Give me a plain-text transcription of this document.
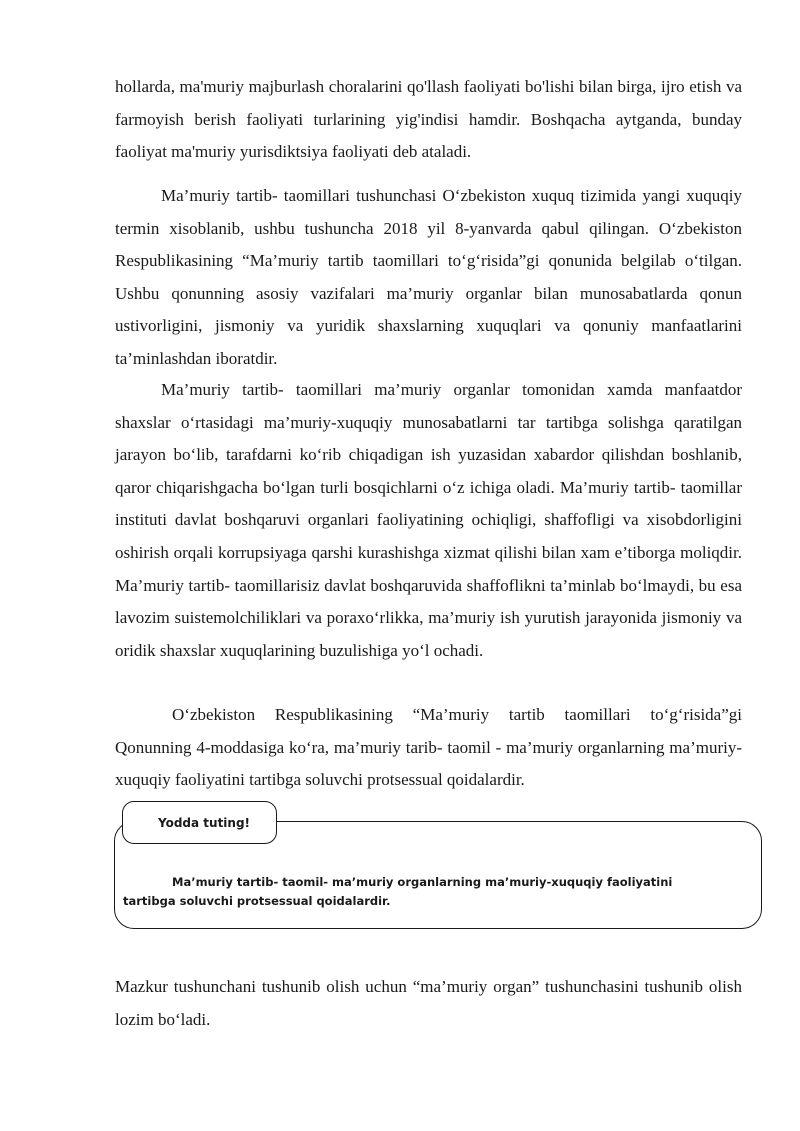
hollarda, ma'muriy majburlash choralarini qo'llash faoliyati bo'lishi bilan birga, ijro etish va farmoyish berish faoliyati turlarining yig'indisi hamdir. Boshqacha aytganda, bunday faoliyat ma'muriy yurisdiktsiya faoliyati deb ataladi.

Ma’muriy tartib- taomillari tushunchasi O‘zbekiston xuquq tizimida yangi xuquqiy termin xisoblanib, ushbu tushuncha 2018 yil 8-yanvarda qabul qilingan. O‘zbekiston Respublikasining “Ma’muriy tartib taomillari to‘g‘risida”gi qonunida belgilab o‘tilgan. Ushbu qonunning asosiy vazifalari ma’muriy organlar bilan munosabatlarda qonun ustivorligini, jismoniy va yuridik shaxslarning xuquqlari va qonuniy manfaatlarini ta’minlashdan iboratdir.

Ma’muriy tartib- taomillari ma’muriy organlar tomonidan xamda manfaatdor shaxslar o‘rtasidagi ma’muriy-xuquqiy munosabatlarni tar tartibga solishga qaratilgan jarayon bo‘lib, tarafdarni ko‘rib chiqadigan ish yuzasidan xabardor qilishdan boshlanib, qaror chiqarishgacha bo‘lgan turli bosqichlarni o‘z ichiga oladi. Ma’muriy tartib- taomillar instituti davlat boshqaruvi organlari faoliyatining ochiqligi, shaffofligi va xisobdorligini oshirish orqali korrupsiyaga qarshi kurashishga xizmat qilishi bilan xam e’tiborga moliqdir. Ma’muriy tartib- taomillarisiz davlat boshqaruvida shaffoflikni ta’minlab bo‘lmaydi, bu esa lavozim suistemolchiliklari va poraxo‘rlikka, ma’muriy ish yurutish jarayonida jismoniy va oridik shaxslar xuquqlarining buzulishiga yo‘l ochadi.

O‘zbekiston Respublikasining “Ma’muriy tartib taomillari to‘g‘risida”gi Qonunning 4-moddasiga ko‘ra, ma’muriy tarib- taomil - ma’muriy organlarning ma’muriy-xuquqiy faoliyatini tartibga soluvchi protsessual qoidalardir.

Yodda tuting!

Ma’muriy tartib- taomil- ma’muriy organlarning ma’muriy-xuquqiy faoliyatini tartibga soluvchi protsessual qoidalardir.

Mazkur tushunchani tushunib olish uchun “ma’muriy organ” tushunchasini tushunib olish lozim bo‘ladi.
